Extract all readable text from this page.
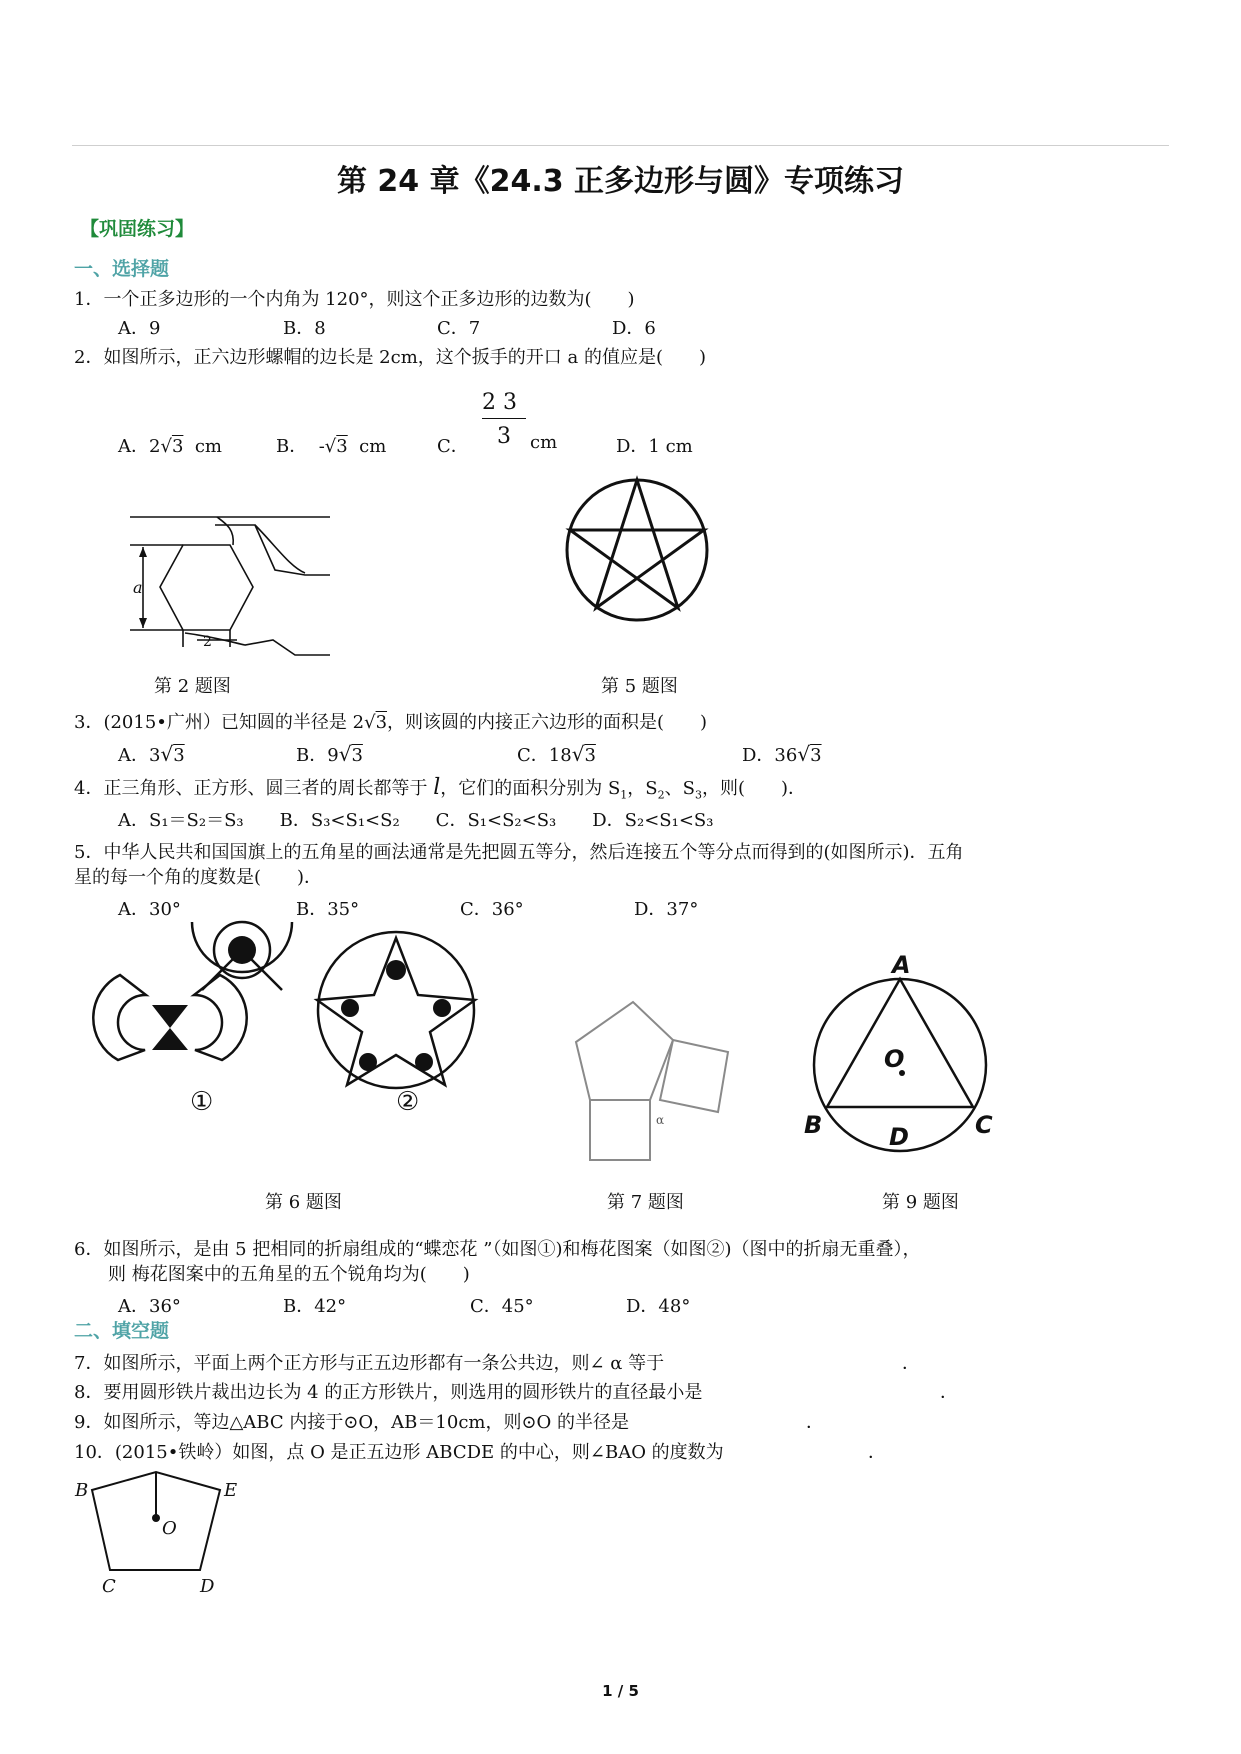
第 24 章《24.3 正多边形与圆》专项练习
【巩固练习】
一、选择题
1．一个正多边形的一个内角为 120°，则这个正多边形的边数为(　　)
A．9	B．8	C．7	D．6
2．如图所示，正六边形螺帽的边长是 2cm，这个扳手的开口 a 的值应是(　　)
A．2√3 cm	B． -√3 cm	C．
2 3
3 cm	D．1 cm
a
2
第 2 题图	第 5 题图
3．(2015•广州）已知圆的半径是 2√3，则该圆的内接正六边形的面积是(　　)
A．3√3	B．9√3	C．18√3	D．36√3
4．正三角形、正方形、圆三者的周长都等于 l，它们的面积分别为 $S_1$，$S_2$、$S_3$，则(　　)．
A．S₁＝S₂＝S₃　　B．S₃<S₁<S₂　　C．S₁<S₂<S₃　　D．S₂<S₁<S₃
5．中华人民共和国国旗上的五角星的画法通常是先把圆五等分，然后连接五个等分点而得到的(如图所示)．五角
星的每一个角的度数是(　　)．
A．30°	B．35°	C．36°	D．37°
①	②
α
A
O
B	D	C
第 6 题图	第 7 题图	第 9 题图
6．如图所示，是由 5 把相同的折扇组成的“蝶恋花 ”（如图①)和梅花图案（如图②)（图中的折扇无重叠），
则 梅花图案中的五角星的五个锐角均为(　　)
A．36°	B．42°	C．45°	D．48°
二、填空题
7．如图所示，平面上两个正方形与正五边形都有一条公共边，则∠ α 等于	．
8．要用圆形铁片裁出边长为 4 的正方形铁片，则选用的圆形铁片的直径最小是	．
9．如图所示，等边△ABC 内接于⊙O，AB＝10cm，则⊙O 的半径是	．
10．(2015•铁岭）如图，点 O 是正五边形 ABCDE 的中心，则∠BAO 的度数为	．
B	E
O
C	D
1 / 5
